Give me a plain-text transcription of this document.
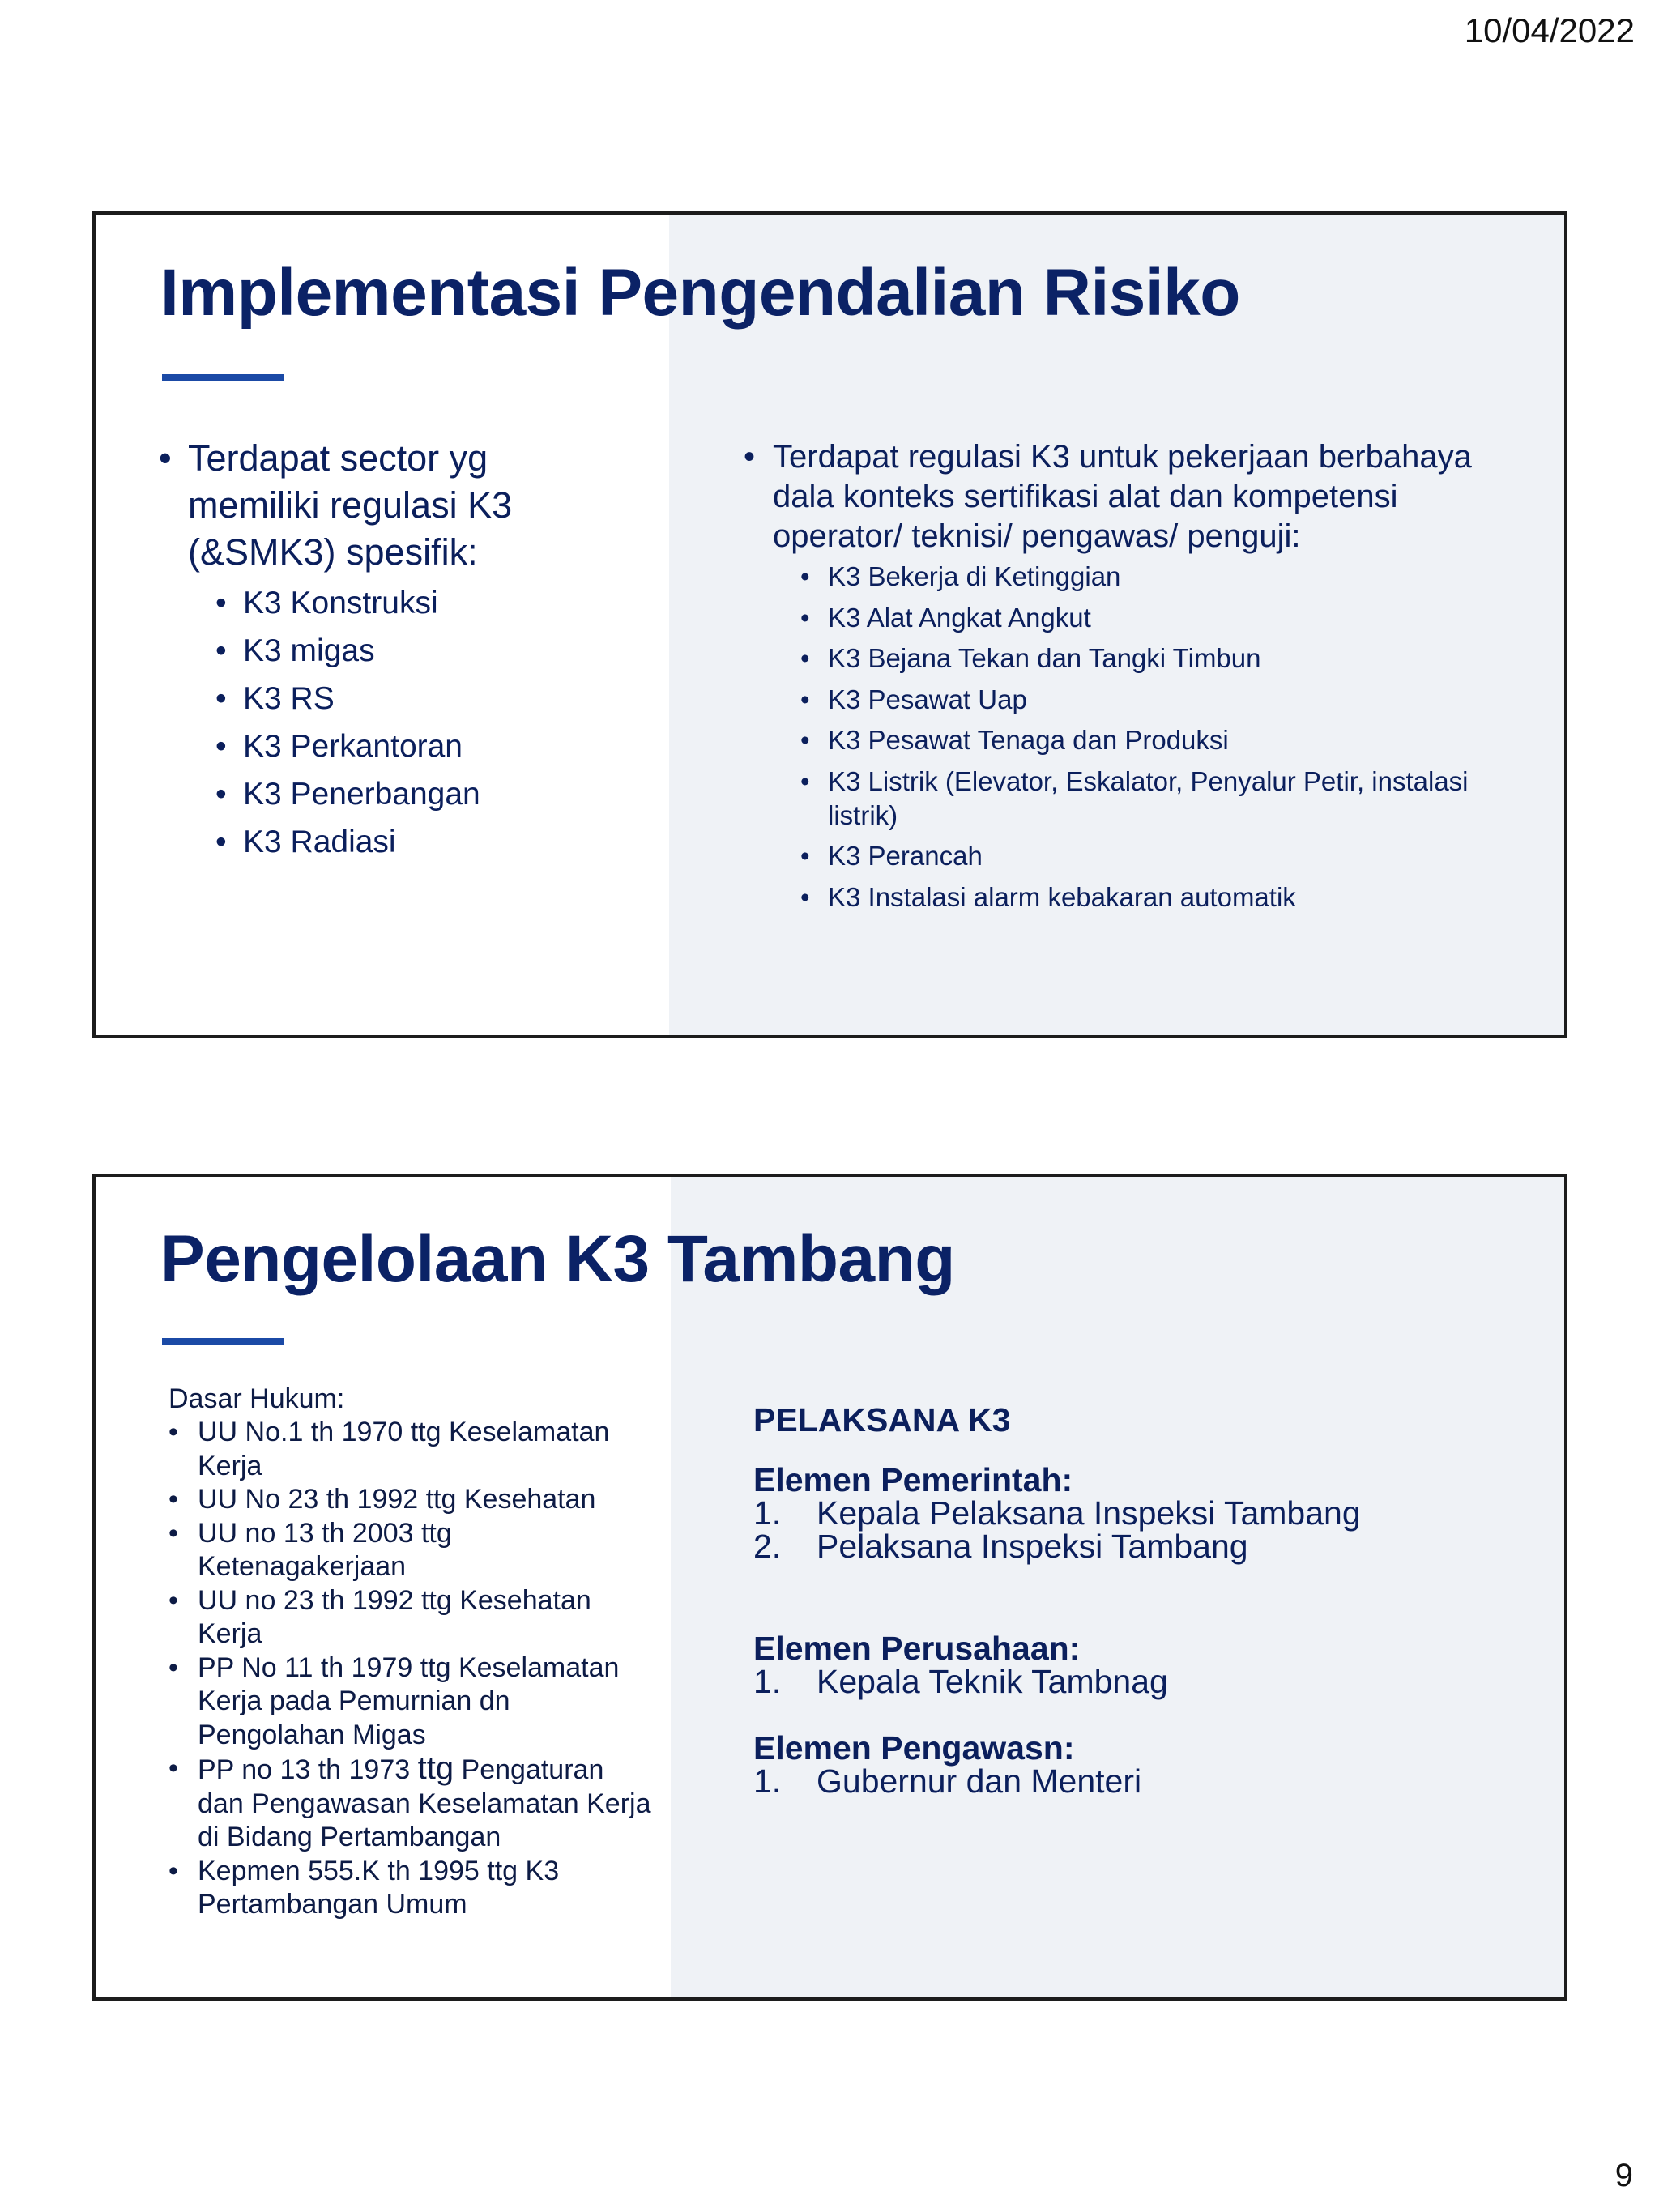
10/04/2022
Implementasi Pengendalian Risiko
• Terdapat sector yg memiliki regulasi K3 (&SMK3) spesifik:
• K3 Konstruksi
• K3 migas
• K3 RS
• K3 Perkantoran
• K3 Penerbangan
• K3 Radiasi
• Terdapat regulasi K3 untuk pekerjaan berbahaya dala konteks sertifikasi alat dan kompetensi operator/ teknisi/ pengawas/ penguji:
• K3 Bekerja di Ketinggian
• K3 Alat Angkat Angkut
• K3 Bejana Tekan dan Tangki Timbun
• K3 Pesawat Uap
• K3 Pesawat Tenaga dan Produksi
• K3 Listrik (Elevator, Eskalator, Penyalur Petir, instalasi listrik)
• K3 Perancah
• K3 Instalasi alarm kebakaran automatik
Pengelolaan K3 Tambang
Dasar Hukum:
• UU No.1 th 1970 ttg Keselamatan Kerja
• UU No 23 th 1992 ttg Kesehatan
• UU no 13 th 2003 ttg Ketenagakerjaan
• UU no 23 th 1992 ttg Kesehatan Kerja
• PP No 11 th 1979 ttg Keselamatan Kerja pada Pemurnian dn Pengolahan Migas
• PP no 13 th 1973 ttg Pengaturan dan Pengawasan Keselamatan Kerja di Bidang Pertambangan
• Kepmen 555.K th 1995 ttg K3 Pertambangan Umum
PELAKSANA K3
Elemen Pemerintah:
1. Kepala Pelaksana Inspeksi Tambang
2. Pelaksana Inspeksi Tambang
Elemen Perusahaan:
1. Kepala Teknik Tambnag
Elemen Pengawasn:
1. Gubernur dan Menteri
9
